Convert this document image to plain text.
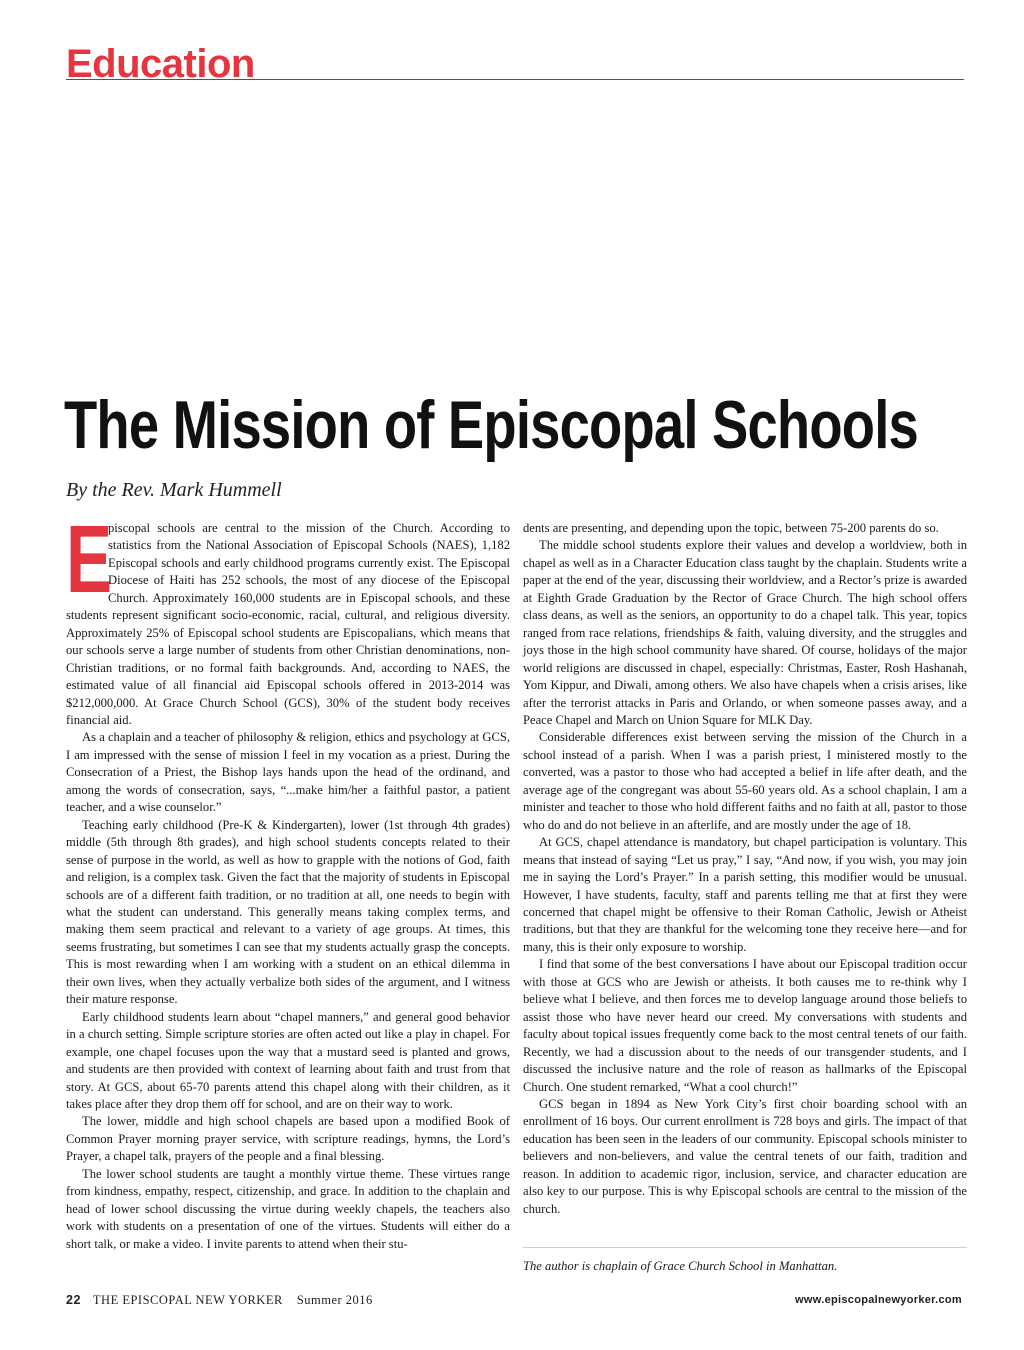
Education
The Mission of Episcopal Schools
By the Rev. Mark Hummell

E
piscopal schools are central to the mission of the Church. According to statistics from the National Association of Episcopal Schools (NAES), 1,182 Episcopal schools and early childhood programs currently exist. The Episcopal Diocese of Haiti has 252 schools, the most of any diocese of the Episcopal Church. Approximately 160,000 students are in Episcopal schools, and these students represent significant socio-economic, racial, cultural, and religious diversity. Approximately 25% of Episcopal school students are Episcopalians, which means that our schools serve a large number of students from other Christian denominations, non-Christian traditions, or no formal faith backgrounds. And, according to NAES, the estimated value of all financial aid Episcopal schools offered in 2013-2014 was $212,000,000. At Grace Church School (GCS), 30% of the student body receives financial aid.

As a chaplain and a teacher of philosophy & religion, ethics and psychology at GCS, I am impressed with the sense of mission I feel in my vocation as a priest. During the Consecration of a Priest, the Bishop lays hands upon the head of the ordinand, and among the words of consecration, says, “...make him/her a faithful pastor, a patient teacher, and a wise counselor.”

Teaching early childhood (Pre-K & Kindergarten), lower (1st through 4th grades) middle (5th through 8th grades), and high school students concepts related to their sense of purpose in the world, as well as how to grapple with the notions of God, faith and religion, is a complex task. Given the fact that the majority of students in Episcopal schools are of a different faith tradition, or no tradition at all, one needs to begin with what the student can understand. This generally means taking complex terms, and making them seem practical and relevant to a variety of age groups. At times, this seems frustrating, but sometimes I can see that my students actually grasp the concepts. This is most rewarding when I am working with a student on an ethical dilemma in their own lives, when they actually verbalize both sides of the argument, and I witness their mature response.

Early childhood students learn about “chapel manners,” and general good behavior in a church setting. Simple scripture stories are often acted out like a play in chapel. For example, one chapel focuses upon the way that a mustard seed is planted and grows, and students are then provided with context of learning about faith and trust from that story. At GCS, about 65-70 parents attend this chapel along with their children, as it takes place after they drop them off for school, and are on their way to work.

The lower, middle and high school chapels are based upon a modified Book of Common Prayer morning prayer service, with scripture readings, hymns, the Lord’s Prayer, a chapel talk, prayers of the people and a final blessing.

The lower school students are taught a monthly virtue theme. These virtues range from kindness, empathy, respect, citizenship, and grace. In addition to the chaplain and head of lower school discussing the virtue during weekly chapels, the teachers also work with students on a presentation of one of the virtues. Students will either do a short talk, or make a video. I invite parents to attend when their stu-

dents are presenting, and depending upon the topic, between 75-200 parents do so.

The middle school students explore their values and develop a worldview, both in chapel as well as in a Character Education class taught by the chaplain. Students write a paper at the end of the year, discussing their worldview, and a Rector’s prize is awarded at Eighth Grade Graduation by the Rector of Grace Church. The high school offers class deans, as well as the seniors, an opportunity to do a chapel talk. This year, topics ranged from race relations, friendships & faith, valuing diversity, and the struggles and joys those in the high school community have shared. Of course, holidays of the major world religions are discussed in chapel, especially: Christmas, Easter, Rosh Hashanah, Yom Kippur, and Diwali, among others. We also have chapels when a crisis arises, like after the terrorist attacks in Paris and Orlando, or when someone passes away, and a Peace Chapel and March on Union Square for MLK Day.

Considerable differences exist between serving the mission of the Church in a school instead of a parish. When I was a parish priest, I ministered mostly to the converted, was a pastor to those who had accepted a belief in life after death, and the average age of the congregant was about 55-60 years old. As a school chaplain, I am a minister and teacher to those who hold different faiths and no faith at all, pastor to those who do and do not believe in an afterlife, and are mostly under the age of 18.

At GCS, chapel attendance is mandatory, but chapel participation is voluntary. This means that instead of saying “Let us pray,” I say, “And now, if you wish, you may join me in saying the Lord’s Prayer.” In a parish setting, this modifier would be unusual. However, I have students, faculty, staff and parents telling me that at first they were concerned that chapel might be offensive to their Roman Catholic, Jewish or Atheist traditions, but that they are thankful for the welcoming tone they receive here—and for many, this is their only exposure to worship.

I find that some of the best conversations I have about our Episcopal tradition occur with those at GCS who are Jewish or atheists. It both causes me to re-think why I believe what I believe, and then forces me to develop language around those beliefs to assist those who have never heard our creed. My conversations with students and faculty about topical issues frequently come back to the most central tenets of our faith. Recently, we had a discussion about to the needs of our transgender students, and I discussed the inclusive nature and the role of reason as hallmarks of the Episcopal Church. One student remarked, “What a cool church!”

GCS began in 1894 as New York City’s first choir boarding school with an enrollment of 16 boys. Our current enrollment is 728 boys and girls. The impact of that education has been seen in the leaders of our community. Episcopal schools minister to believers and non-believers, and value the central tenets of our faith, tradition and reason. In addition to academic rigor, inclusion, service, and character education are also key to our purpose. This is why Episcopal schools are central to the mission of the church.

The author is chaplain of Grace Church School in Manhattan.
22 THE EPISCOPAL NEW YORKER Summer 2016	www.episcopalnewyorker.com
